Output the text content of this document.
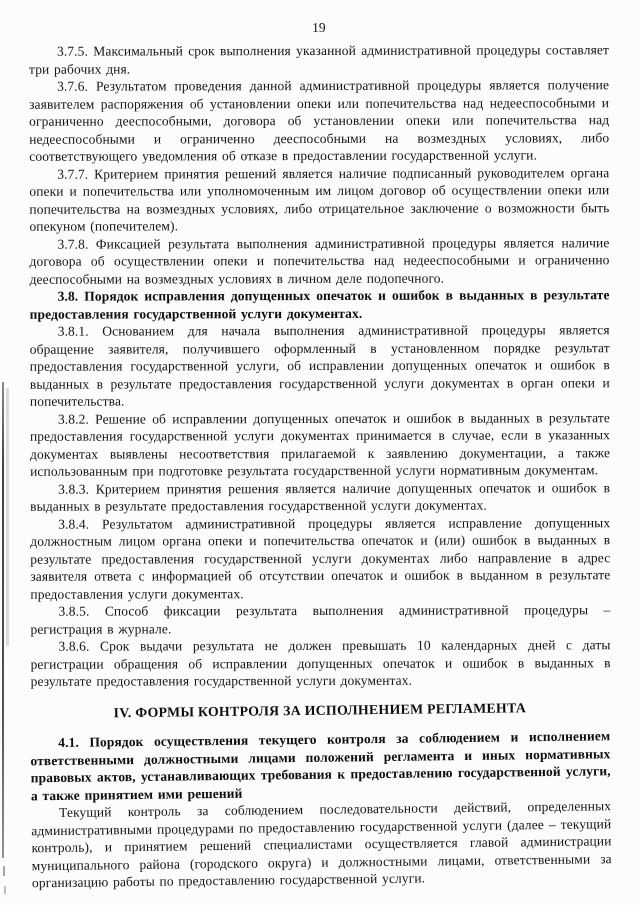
19

3.7.5. Максимальный срок выполнения указанной административной процедуры составляет три рабочих дня.

3.7.6. Результатом проведения данной административной процедуры является получение заявителем распоряжения об установлении опеки или попечительства над недееспособными и ограниченно дееспособными, договора об установлении опеки или попечительства над недееспособными и ограниченно дееспособными на возмездных условиях, либо соответствующего уведомления об отказе в предоставлении государственной услуги.

3.7.7. Критерием принятия решений является наличие подписанный руководителем органа опеки и попечительства или уполномоченным им лицом договор об осуществлении опеки или попечительства на возмездных условиях, либо отрицательное заключение о возможности быть опекуном (попечителем).

3.7.8. Фиксацией результата выполнения административной процедуры является наличие договора об осуществлении опеки и попечительства над недееспособными и ограниченно дееспособными на возмездных условиях в личном деле подопечного.

3.8. Порядок исправления допущенных опечаток и ошибок в выданных в результате предоставления государственной услуги документах.

3.8.1. Основанием для начала выполнения административной процедуры является обращение заявителя, получившего оформленный в установленном порядке результат предоставления государственной услуги, об исправлении допущенных опечаток и ошибок в выданных в результате предоставления государственной услуги документах в орган опеки и попечительства.

3.8.2. Решение об исправлении допущенных опечаток и ошибок в выданных в результате предоставления государственной услуги документах принимается в случае, если в указанных документах выявлены несоответствия прилагаемой к заявлению документации, а также использованным при подготовке результата государственной услуги нормативным документам.

3.8.3. Критерием принятия решения является наличие допущенных опечаток и ошибок в выданных в результате предоставления государственной услуги документах.

3.8.4. Результатом административной процедуры является исправление допущенных должностным лицом органа опеки и попечительства опечаток и (или) ошибок в выданных в результате предоставления государственной услуги документах либо направление в адрес заявителя ответа с информацией об отсутствии опечаток и ошибок в выданном в результате предоставления услуги документах.

3.8.5. Способ фиксации результата выполнения административной процедуры – регистрация в журнале.

3.8.6. Срок выдачи результата не должен превышать 10 календарных дней с даты регистрации обращения об исправлении допущенных опечаток и ошибок в выданных в результате предоставления государственной услуги документах.

IV. ФОРМЫ КОНТРОЛЯ ЗА ИСПОЛНЕНИЕМ РЕГЛАМЕНТА

4.1. Порядок осуществления текущего контроля за соблюдением и исполнением ответственными должностными лицами положений регламента и иных нормативных правовых актов, устанавливающих требования к предоставлению государственной услуги, а также принятием ими решений

Текущий контроль за соблюдением последовательности действий, определенных административными процедурами по предоставлению государственной услуги (далее – текущий контроль), и принятием решений специалистами осуществляется главой администрации муниципального района (городского округа) и должностными лицами, ответственными за организацию работы по предоставлению государственной услуги.
